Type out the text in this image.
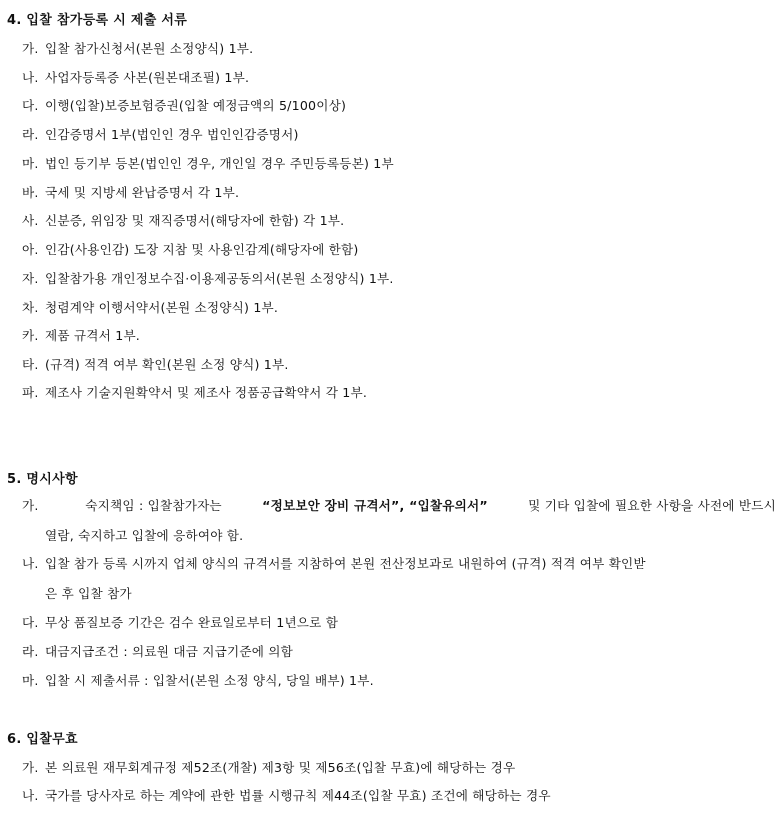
4. 입찰 참가등록 시 제출 서류
가. 입찰 참가신청서(본원 소정양식) 1부.
나. 사업자등록증 사본(원본대조필) 1부.
다. 이행(입찰)보증보험증권(입찰 예정금액의 5/100이상)
라. 인감증명서 1부(법인인 경우 법인인감증명서)
마. 법인 등기부 등본(법인인 경우, 개인일 경우 주민등록등본) 1부
바. 국세 및 지방세 완납증명서 각 1부.
사. 신분증, 위임장 및 재직증명서(해당자에 한함) 각 1부.
아. 인감(사용인감) 도장 지참 및 사용인감계(해당자에 한함)
자. 입찰참가용 개인정보수집·이용제공동의서(본원 소정양식) 1부.
차. 청렴계약 이행서약서(본원 소정양식) 1부.
카. 제품 규격서 1부.
타. (규격) 적격 여부 확인(본원 소정 양식) 1부.
파. 제조사 기술지원확약서 및 제조사 정품공급확약서 각 1부.
5. 명시사항
가.	숙지책임 : 입찰참가자는	“정보보안 장비 규격서”, “입찰유의서”	및 기타 입찰에 필요한 사항을 사전에 반드시
열람, 숙지하고 입찰에 응하여야 함.
나. 입찰 참가 등록 시까지 업체 양식의 규격서를 지참하여 본원 전산정보과로 내원하여 (규격) 적격 여부 확인받
은 후 입찰 참가
다. 무상 품질보증 기간은 검수 완료일로부터 1년으로 함
라. 대금지급조건 : 의료원 대금 지급기준에 의함
마. 입찰 시 제출서류 : 입찰서(본원 소정 양식, 당일 배부) 1부.
6. 입찰무효
가. 본 의료원 재무회계규정 제52조(개찰) 제3항 및 제56조(입찰 무효)에 해당하는 경우
나. 국가를 당사자로 하는 계약에 관한 법률 시행규칙 제44조(입찰 무효) 조건에 해당하는 경우
